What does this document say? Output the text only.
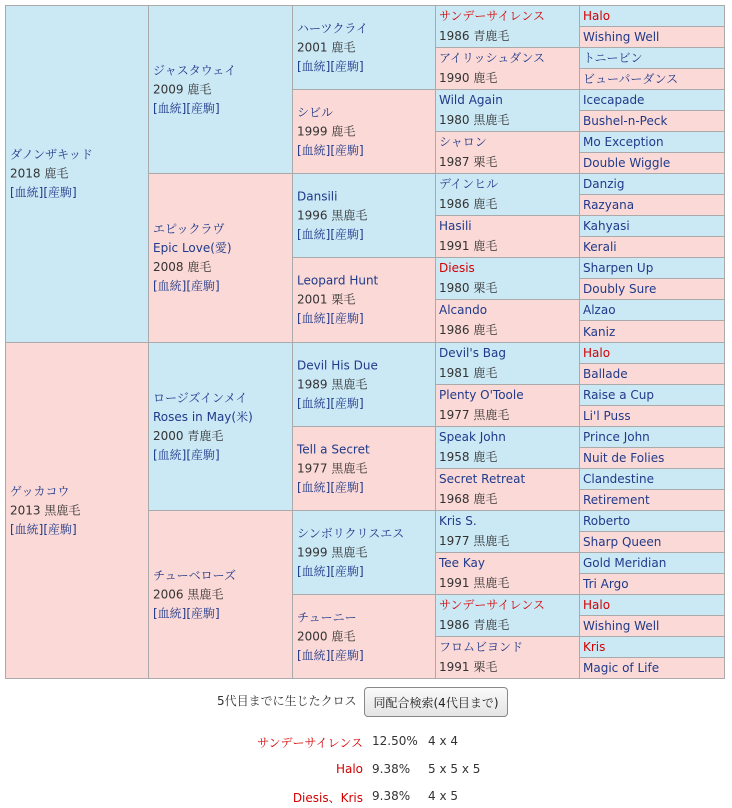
ダノンザキッド
2018 鹿毛
[血統][産駒]
ゲッカコウ
2013 黒鹿毛
[血統][産駒]
ジャスタウェイ
2009 鹿毛
[血統][産駒]
エピックラヴ
Epic Love(愛)
2008 鹿毛
[血統][産駒]
ロージズインメイ
Roses in May(米)
2000 青鹿毛
[血統][産駒]
チューベローズ
2006 黒鹿毛
[血統][産駒]
ハーツクライ
2001 鹿毛
[血統][産駒]
シビル
1999 鹿毛
[血統][産駒]
Dansili
1996 黒鹿毛
[血統][産駒]
Leopard Hunt
2001 栗毛
[血統][産駒]
Devil His Due
1989 黒鹿毛
[血統][産駒]
Tell a Secret
1977 黒鹿毛
[血統][産駒]
シンボリクリスエス
1999 黒鹿毛
[血統][産駒]
チューニー
2000 鹿毛
[血統][産駒]
サンデーサイレンス
1986 青鹿毛
アイリッシュダンス
1990 鹿毛
Wild Again
1980 黒鹿毛
シャロン
1987 栗毛
デインヒル
1986 鹿毛
Hasili
1991 鹿毛
Diesis
1980 栗毛
Alcando
1986 鹿毛
Devil's Bag
1981 鹿毛
Plenty O'Toole
1977 黒鹿毛
Speak John
1958 鹿毛
Secret Retreat
1968 鹿毛
Kris S.
1977 黒鹿毛
Tee Kay
1991 黒鹿毛
サンデーサイレンス
1986 青鹿毛
フロムビヨンド
1991 栗毛
Halo
Wishing Well
トニービン
ビューパーダンス
Icecapade
Bushel-n-Peck
Mo Exception
Double Wiggle
Danzig
Razyana
Kahyasi
Kerali
Sharpen Up
Doubly Sure
Alzao
Kaniz
Halo
Ballade
Raise a Cup
Li'l Puss
Prince John
Nuit de Folies
Clandestine
Retirement
Roberto
Sharp Queen
Gold Meridian
Tri Argo
Halo
Wishing Well
Kris
Magic of Life
5代目までに生じたクロス	同配合検索(4代目まで)
サンデーサイレンス 12.50% 4 x 4
Halo 9.38% 5 x 5 x 5
Diesis、Kris 9.38% 4 x 5
